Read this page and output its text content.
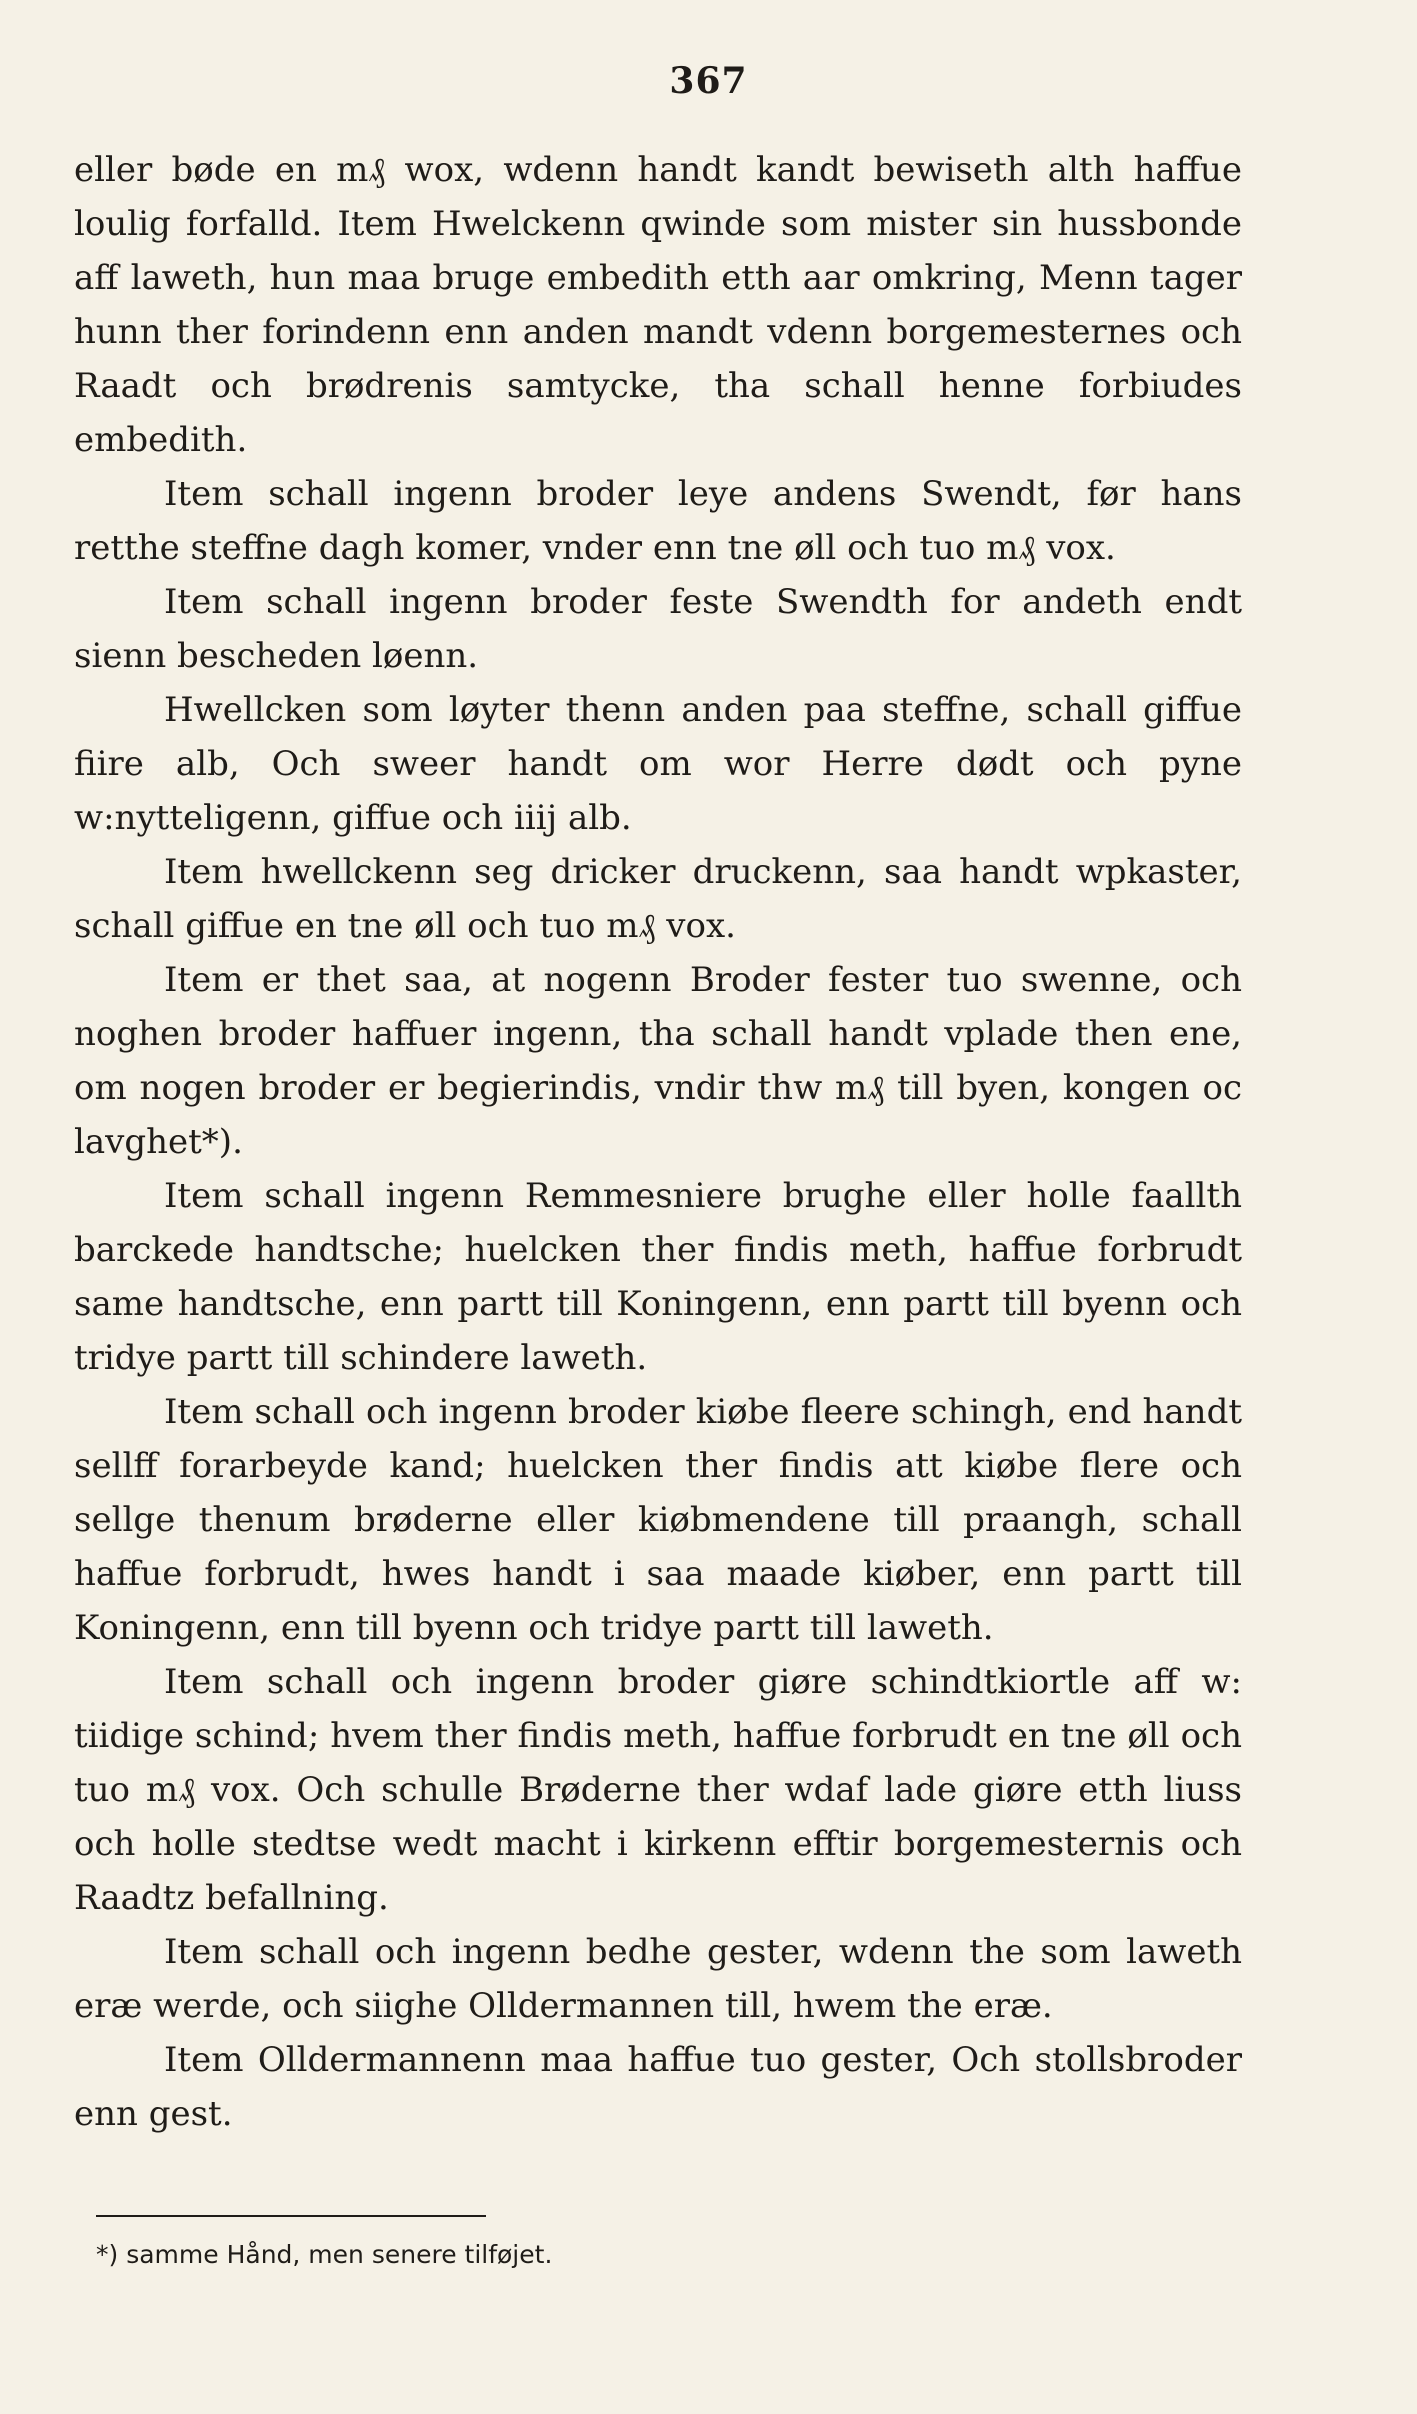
367

eller bøde en m₰ wox, wdenn handt kandt bewiseth alth haffue loulig forfalld. Item Hwelckenn qwinde som mister sin hussbonde aff laweth, hun maa bruge embedith etth aar omkring, Menn tager hunn ther forindenn enn anden mandt vdenn borgemesternes och Raadt och brødrenis samtycke, tha schall henne forbiudes embedith.

Item schall ingenn broder leye andens Swendt, før hans retthe steffne dagh komer, vnder enn tne øll och tuo m₰ vox.

Item schall ingenn broder feste Swendth for andeth endt sienn bescheden løenn.

Hwellcken som løyter thenn anden paa steffne, schall giffue fiire alb, Och sweer handt om wor Herre dødt och pyne w:nytteligenn, giffue och iiij alb.

Item hwellckenn seg dricker druckenn, saa handt wpkaster, schall giffue en tne øll och tuo m₰ vox.

Item er thet saa, at nogenn Broder fester tuo swenne, och noghen broder haffuer ingenn, tha schall handt vplade then ene, om nogen broder er begierindis, vndir thw m₰ till byen, kongen oc lavghet*).

Item schall ingenn Remmesniere brughe eller holle faallth barckede handtsche; huelcken ther findis meth, haffue forbrudt same handtsche, enn partt till Koningenn, enn partt till byenn och tridye partt till schindere laweth.

Item schall och ingenn broder kiøbe fleere schingh, end handt sellff forarbeyde kand; huelcken ther findis att kiøbe flere och sellge thenum brøderne eller kiøbmendene till praangh, schall haffue forbrudt, hwes handt i saa maade kiøber, enn partt till Koningenn, enn till byenn och tridye partt till laweth.

Item schall och ingenn broder giøre schindtkiortle aff w: tiidige schind; hvem ther findis meth, haffue forbrudt en tne øll och tuo m₰ vox. Och schulle Brøderne ther wdaf lade giøre etth liuss och holle stedtse wedt macht i kirkenn efftir borgemesternis och Raadtz befallning.

Item schall och ingenn bedhe gester, wdenn the som laweth eræ werde, och siighe Olldermannen till, hwem the eræ.

Item Olldermannenn maa haffue tuo gester, Och stollsbroder enn gest.

*) samme Hånd, men senere tilføjet.
